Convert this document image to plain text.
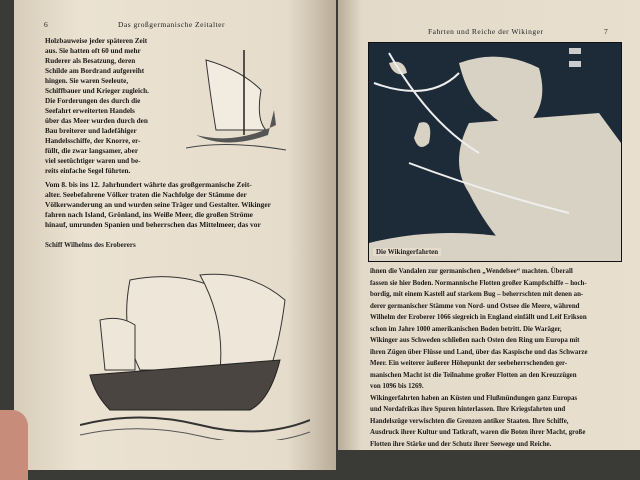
6	Das großgermanische Zeitalter
Holzbauweise jeder späteren Zeit
aus. Sie hatten oft 60 und mehr
Ruderer als Besatzung, deren
Schilde am Bordrand aufgereiht
hingen. Sie waren Seeleute,
Schiffbauer und Krieger zugleich.
Die Forderungen des durch die
Seefahrt erweiterten Handels
über das Meer wurden durch den
Bau breiterer und ladefähiger
Handelsschiffe, der Knorre, er-
füllt, die zwar langsamer, aber
viel seetüchtiger waren und be-
reits einfache Segel führten.
Vom 8. bis ins 12. Jahrhundert währte das großgermanische Zeit-
alter. Seebefahrene Völker traten die Nachfolge der Stämme der
Völkerwanderung an und wurden seine Träger und Gestalter. Wikinger
fahren nach Island, Grönland, ins Weiße Meer, die großen Ströme
hinauf, umrunden Spanien und beherrschen das Mittelmeer, das vor
Schiff Wilhelms des Eroberers
Fahrten und Reiche der Wikinger	7
Die Wikingerfahrten
ihnen die Vandalen zur germanischen „Wendelsee“ machten. Überall
fassen sie hier Boden. Normannische Flotten großer Kampfschiffe – hoch-
bordig, mit einem Kastell auf starkem Bug – beherrschten mit denen an-
derer germanischer Stämme von Nord- und Ostsee die Meere, während
Wilhelm der Eroberer 1066 siegreich in England einfällt und Leif Erikson
schon im Jahre 1000 amerikanischen Boden betritt. Die Waräger,
Wikinger aus Schweden schließen nach Osten den Ring um Europa mit
ihren Zügen über Flüsse und Land, über das Kaspische und das Schwarze
Meer. Ein weiterer äußerer Höhepunkt der seebeherrschenden ger-
manischen Macht ist die Teilnahme großer Flotten an den Kreuzzügen
von 1096 bis 1269.
Wikingerfahrten haben an Küsten und Flußmündungen ganz Europas
und Nordafrikas ihre Spuren hinterlassen. Ihre Kriegsfahrten und
Handelszüge verwischten die Grenzen antiker Staaten. Ihre Schiffe,
Ausdruck ihrer Kultur und Tatkraft, waren die Boten ihrer Macht, große
Flotten ihre Stärke und der Schutz ihrer Seewege und Reiche.
